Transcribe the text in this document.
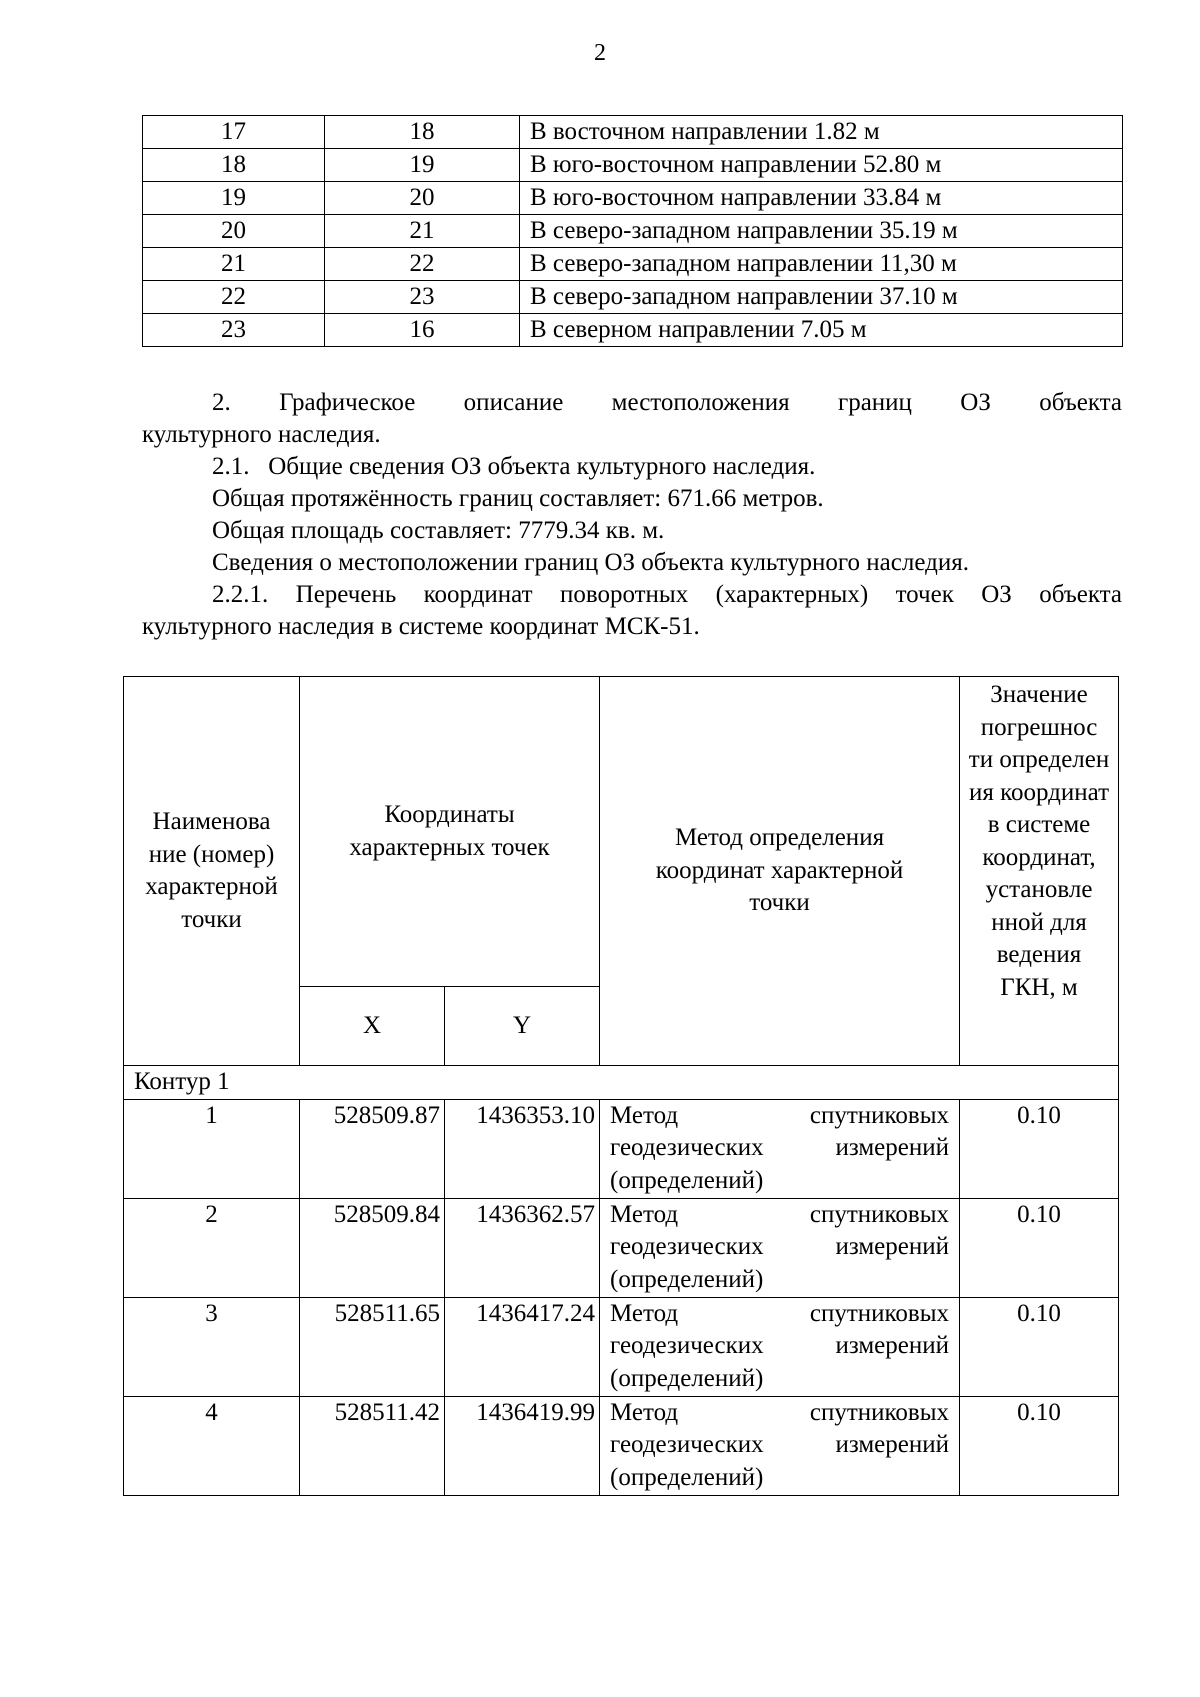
2
17	18	В восточном направлении 1.82 м
18	19	В юго-восточном направлении 52.80 м
19	20	В юго-восточном направлении 33.84 м
20	21	В северо-западном направлении 35.19 м
21	22	В северо-западном направлении 11,30 м
22	23	В северо-западном направлении 37.10 м
23	16	В северном направлении 7.05 м

2. Графическое описание местоположения границ ОЗ объекта

культурного наследия.

2.1.   Общие сведения ОЗ объекта культурного наследия.

Общая протяжённость границ составляет: 671.66 метров.

Общая площадь составляет: 7779.34 кв. м.

Сведения о местоположении границ ОЗ объекта культурного наследия.

2.2.1. Перечень координат поворотных (характерных) точек ОЗ объекта

культурного наследия в системе координат МСК-51.

Наименова ние (номер) характерной точки	Координаты характерных точек		Метод определения координат характерной точки	Значение погрешнос ти определен ия координат в системе координат, установле нной для ведения ГКН, м
	X	Y		
Контур 1				
1	528509.87	1436353.10	Метод спутниковых
геодезических измерений
(определений)	0.10
2	528509.84	1436362.57	Метод спутниковых
геодезических измерений
(определений)	0.10
3	528511.65	1436417.24	Метод спутниковых
геодезических измерений
(определений)	0.10
4	528511.42	1436419.99	Метод спутниковых
геодезических измерений
(определений)	0.10
